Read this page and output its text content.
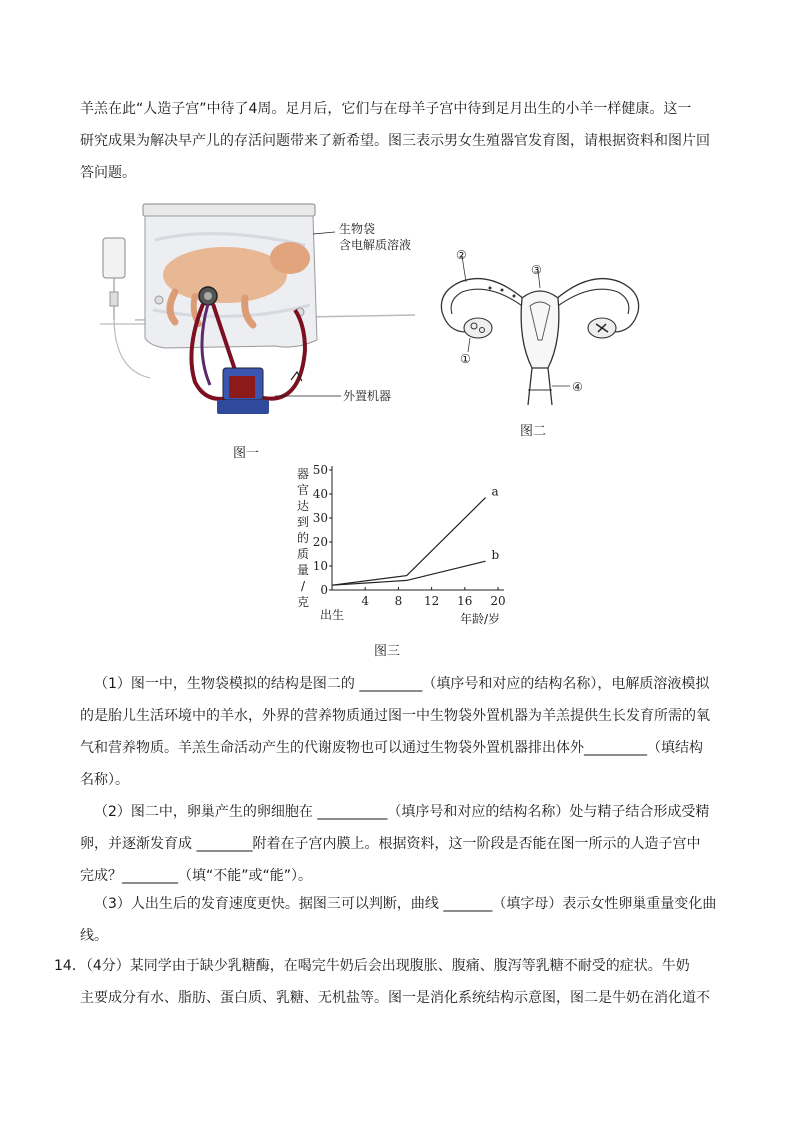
羊羔在此“人造子宫”中待了4周。足月后，它们与在母羊子宫中待到足月出生的小羊一样健康。这一

研究成果为解决早产儿的存活问题带来了新希望。图三表示男女生殖器官发育图，请根据资料和图片回

答问题。

生物袋
含电解质溶液
外置机器
图一
②
③
①
④
图二
器
官
达
到
的
质
量
/
克
0
10
20
30
40
50
4 8 12 16 20
a
b
出生	年龄/岁
图三

（1）图一中，生物袋模拟的结构是图二的 _________（填序号和对应的结构名称），电解质溶液模拟

的是胎儿生活环境中的羊水，外界的营养物质通过图一中生物袋外置机器为羊羔提供生长发育所需的氧

气和营养物质。羊羔生命活动产生的代谢废物也可以通过生物袋外置机器排出体外_________（填结构

名称）。

（2）图二中，卵巢产生的卵细胞在 __________（填序号和对应的结构名称）处与精子结合形成受精

卵，并逐渐发育成 ________附着在子宫内膜上。根据资料，这一阶段是否能在图一所示的人造子宫中

完成？________（填“不能”或“能”）。

（3）人出生后的发育速度更快。据图三可以判断，曲线 _______（填字母）表示女性卵巢重量变化曲

线。

14．（4分）某同学由于缺少乳糖酶，在喝完牛奶后会出现腹胀、腹痛、腹泻等乳糖不耐受的症状。牛奶

主要成分有水、脂肪、蛋白质、乳糖、无机盐等。图一是消化系统结构示意图，图二是牛奶在消化道不
